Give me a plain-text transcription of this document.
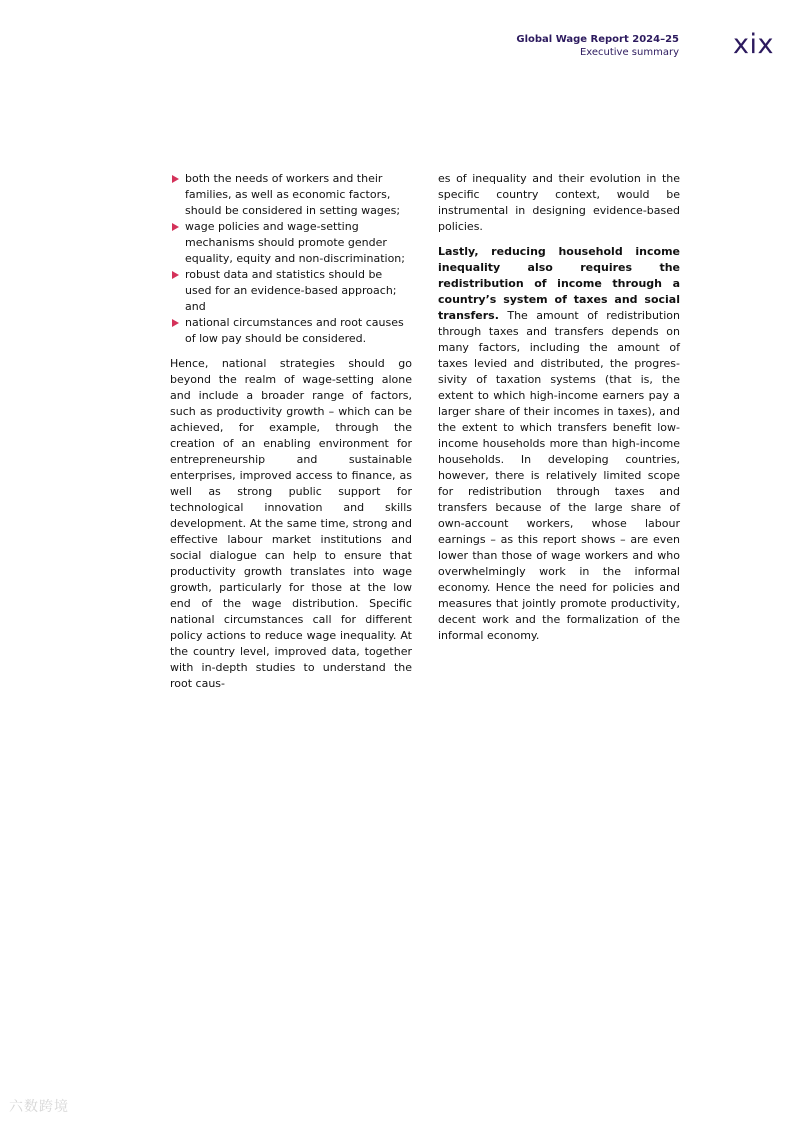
Global Wage Report 2024–25
Executive summary xix
both the needs of workers and their families, as well as economic factors, should be considered in setting wages;
wage policies and wage-setting mechanisms should promote gender equality, equity and non-discrimination;
robust data and statistics should be used for an evidence-based approach; and
national circumstances and root causes of low pay should be considered.

Hence, national strategies should go beyond the realm of wage-setting alone and include a broader range of factors, such as productivity growth – which can be achieved, for example, through the creation of an enabling environment for entrepreneurship and sustainable enterprises, improved access to finance, as well as strong public support for technological innovation and skills development. At the same time, strong and effective labour market institutions and social dialogue can help to ensure that productivity growth translates into wage growth, particularly for those at the low end of the wage distribution. Specific national circumstances call for different policy actions to reduce wage inequality. At the country level, improved data, together with in-depth studies to understand the root caus-

es of inequality and their evolution in the specific country context, would be instrumental in designing evidence-based policies.

Lastly, reducing household income inequality also requires the redistribution of income through a country’s system of taxes and social transfers. The amount of redistribution through taxes and transfers depends on many factors, including the amount of taxes levied and distributed, the progressivity of taxation systems (that is, the extent to which high-income earners pay a larger share of their incomes in taxes), and the extent to which transfers benefit low-income households more than high-income households. In developing countries, however, there is relatively limited scope for redistribution through taxes and transfers because of the large share of own-account workers, whose labour earnings – as this report shows – are even lower than those of wage workers and who overwhelmingly work in the informal economy. Hence the need for policies and measures that jointly promote productivity, decent work and the formalization of the informal economy.

六数跨境
